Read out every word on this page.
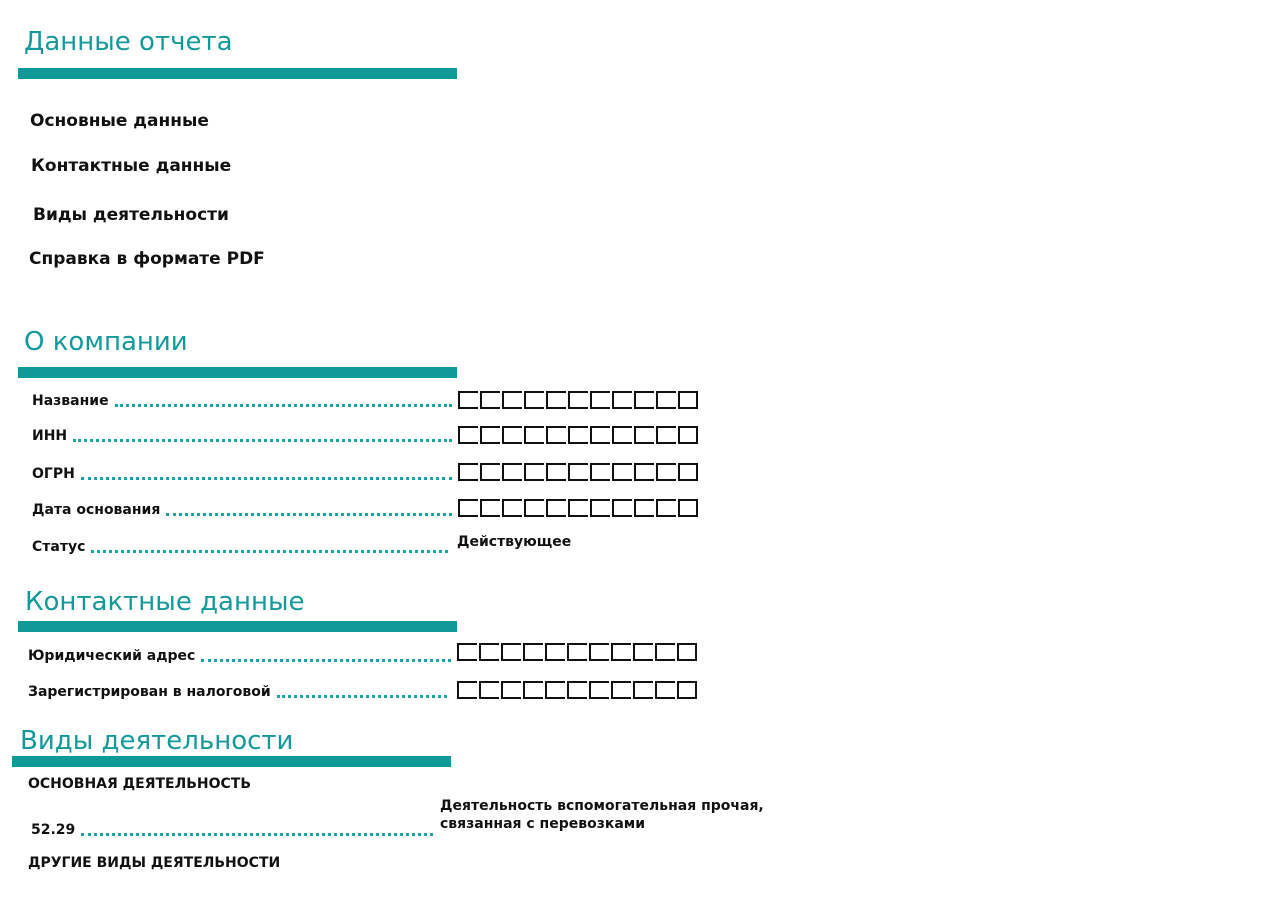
Данные отчета
Основные данные
Контактные данные
Виды деятельности
Справка в формате PDF
О компании
Название
ИНН
ОГРН
Дата основания
Статус	Действующее
Контактные данные
Юридический адрес
Зарегистрирован в налоговой
Виды деятельности
ОСНОВНАЯ ДЕЯТЕЛЬНОСТЬ
52.29
Деятельность вспомогательная прочая,
связанная с перевозками
ДРУГИЕ ВИДЫ ДЕЯТЕЛЬНОСТИ
